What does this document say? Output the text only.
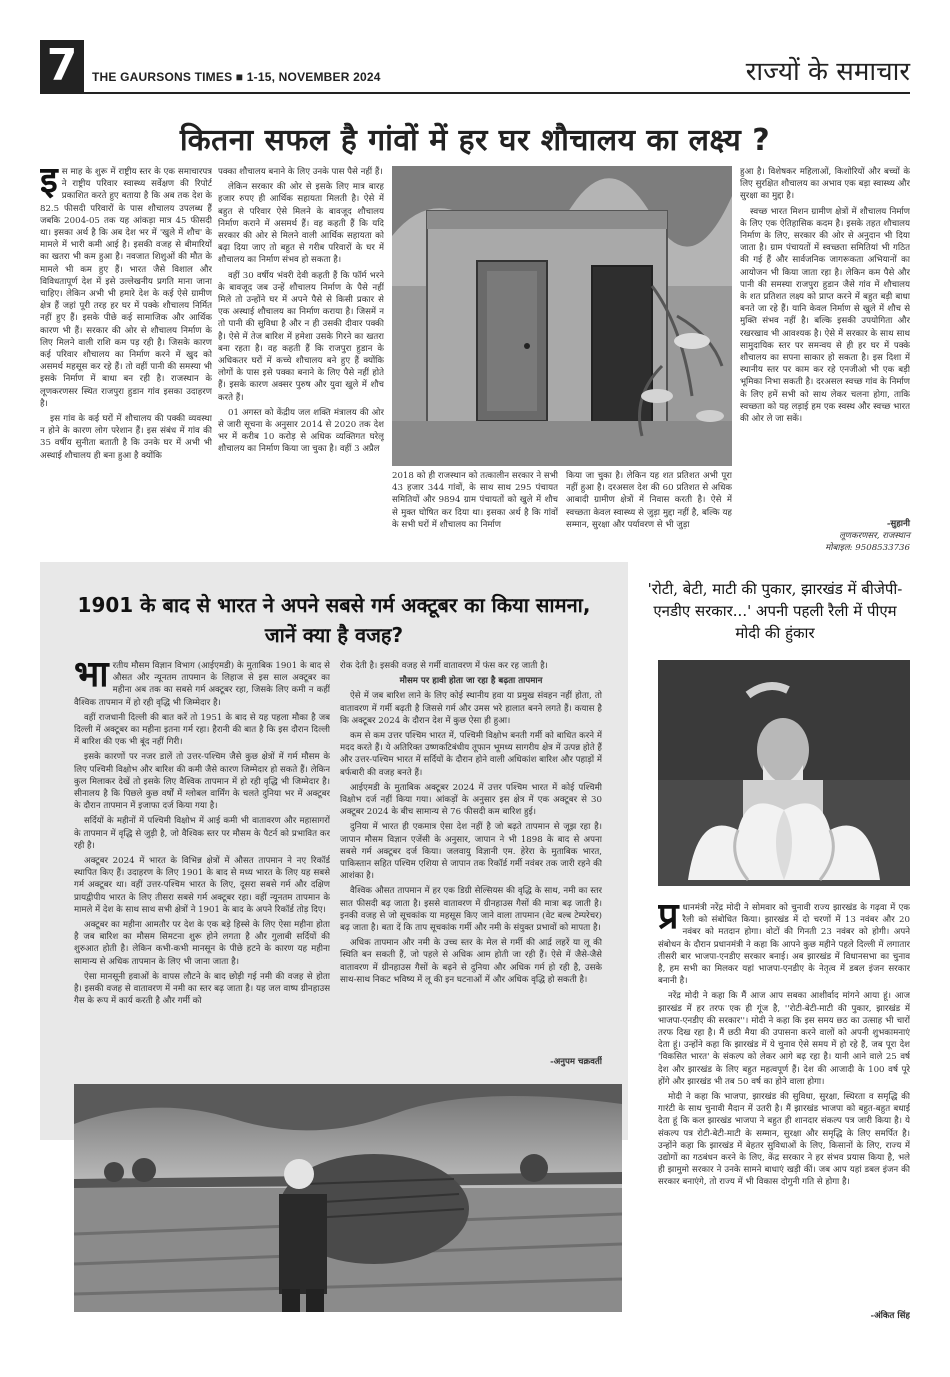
7	THE GAURSONS TIMES ■ 1-15, NOVEMBER 2024	राज्यों के समाचार
कितना सफल है गांवों में हर घर शौचालय का लक्ष्य ?
इ स माह के शुरू में राष्ट्रीय स्तर के एक समाचारपत्र ने राष्ट्रीय परिवार स्वास्थ्य सर्वेक्षण की रिपोर्ट प्रकाशित करते हुए बताया है कि अब तक देश के 82.5 फीसदी परिवारों के पास शौचालय उपलब्ध हैं जबकि 2004-05 तक यह आंकड़ा मात्र 45 फीसदी था। इसका अर्थ है कि अब देश भर में 'खुले में शौच' के मामले में भारी कमी आई है। इसकी वजह से बीमारियों का खतरा भी कम हुआ है। नवजात शिशुओं की मौत के मामले भी कम हुए हैं। भारत जैसे विशाल और विविधतापूर्ण देश में इसे उल्लेखनीय प्रगति माना जाना चाहिए। लेकिन अभी भी हमारे देश के कई ऐसे ग्रामीण क्षेत्र हैं जहां पूरी तरह हर घर में पक्के शौचालय निर्मित नहीं हुए हैं। इसके पीछे कई सामाजिक और आर्थिक कारण भी हैं। सरकार की ओर से शौचालय निर्माण के लिए मिलने वाली राशि कम पड़ रही है। जिसके कारण कई परिवार शौचालय का निर्माण करने में खुद को असमर्थ महसूस कर रहे हैं। तो वहीं पानी की समस्या भी इसके निर्माण में बाधा बन रही है। राजस्थान के लूणकरणसर स्थित राजपुरा हुडान गांव इसका उदाहरण है।

इस गांव के कई घरों में शौचालय की पक्की व्यवस्था न होने के कारण लोग परेशान हैं। इस संबंध में गांव की 35 वर्षीय सुनीता बताती है कि उनके घर में अभी भी अस्थाई शौचालय ही बना हुआ है क्योंकि

पक्का शौचालय बनाने के लिए उनके पास पैसे नहीं हैं।

लेकिन सरकार की ओर से इसके लिए मात्र बारह हजार रुपए ही आर्थिक सहायता मिलती है। ऐसे में बहुत से परिवार ऐसे मिलने के बावजूद शौचालय निर्माण कराने में असमर्थ हैं। वह कहती हैं कि यदि सरकार की ओर से मिलने वाली आर्थिक सहायता को बढ़ा दिया जाए तो बहुत से गरीब परिवारों के घर में शौचालय का निर्माण संभव हो सकता है।

वहीं 30 वर्षीय भंवरी देवी कहती हैं कि फॉर्म भरने के बावजूद जब उन्हें शौचालय निर्माण के पैसे नहीं मिले तो उन्होंने घर में अपने पैसे से किसी प्रकार से एक अस्थाई शौचालय का निर्माण कराया है। जिसमें न तो पानी की सुविधा है और न ही उसकी दीवार पक्की है। ऐसे में तेज बारिश में हमेशा उसके गिरने का खतरा बना रहता है। वह कहती हैं कि राजपुरा हुडान के अधिकतर घरों में कच्चे शौचालय बने हुए हैं क्योंकि लोगों के पास इसे पक्का बनाने के लिए पैसे नहीं होते हैं। इसके कारण अक्सर पुरुष और युवा खुले में शौच करते हैं।

01 अगस्त को केंद्रीय जल शक्ति मंत्रालय की ओर से जारी सूचना के अनुसार 2014 से 2020 तक देश भर में करीब 10 करोड़ से अधिक व्यक्तिगत घरेलू शौचालय का निर्माण किया जा चुका है। वहीं 3 अप्रैल

2018 को ही राजस्थान को तत्कालीन सरकार ने सभी 43 हजार 344 गांवों, के साथ साथ 295 पंचायत समितियों और 9894 ग्राम पंचायतों को खुले में शौच से मुक्त घोषित कर दिया था। इसका अर्थ है कि गांवों के सभी घरों में शौचालय का निर्माण

किया जा चुका है। लेकिन यह शत प्रतिशत अभी पूरा नहीं हुआ है। दरअसल देश की 60 प्रतिशत से अधिक आबादी ग्रामीण क्षेत्रों में निवास करती है। ऐसे में स्वच्छता केवल स्वास्थ्य से जुड़ा मुद्दा नहीं है, बल्कि यह सम्मान, सुरक्षा और पर्यावरण से भी जुड़ा

हुआ है। विशेषकर महिलाओं, किशोरियों और बच्चों के लिए सुरक्षित शौचालय का अभाव एक बड़ा स्वास्थ्य और सुरक्षा का मुद्दा है।

स्वच्छ भारत मिशन ग्रामीण क्षेत्रों में शौचालय निर्माण के लिए एक ऐतिहासिक कदम है। इसके तहत शौचालय निर्माण के लिए, सरकार की ओर से अनुदान भी दिया जाता है। ग्राम पंचायतों में स्वच्छता समितियां भी गठित की गई हैं और सार्वजनिक जागरूकता अभियानों का आयोजन भी किया जाता रहा है। लेकिन कम पैसे और पानी की समस्या राजपुरा हुडान जैसे गांव में शौचालय के शत प्रतिशत लक्ष्य को प्राप्त करने में बहुत बड़ी बाधा बनते जा रहे हैं। यानि केवल निर्माण से खुले में शौच से मुक्ति संभव नहीं है। बल्कि इसकी उपयोगिता और रखरखाव भी आवश्यक है। ऐसे में सरकार के साथ साथ सामुदायिक स्तर पर समन्वय से ही हर घर में पक्के शौचालय का सपना साकार हो सकता है। इस दिशा में स्थानीय स्तर पर काम कर रहे एनजीओ भी एक बड़ी भूमिका निभा सकती है। दरअसल स्वच्छ गांव के निर्माण के लिए हमें सभी को साथ लेकर चलना होगा, ताकि स्वच्छता को यह लड़ाई हम एक स्वस्थ और स्वच्छ भारत की ओर ले जा सकें।

-सुहानी
लूणकरणसर, राजस्थान
मोबाइल: 9508533736
1901 के बाद से भारत ने अपने सबसे गर्म अक्टूबर का किया सामना, जानें क्या है वजह?
भा रतीय मौसम विज्ञान विभाग (आईएमडी) के मुताबिक 1901 के बाद से औसत और न्यूनतम तापमान के लिहाज से इस साल अक्टूबर का महीना अब तक का सबसे गर्म अक्टूबर रहा, जिसके लिए कमी न कहीं वैश्विक तापमान में हो रही वृद्धि भी जिम्मेदार है।

वहीं राजधानी दिल्ली की बात करें तो 1951 के बाद से यह पहला मौका है जब दिल्ली में अक्टूबर का महीना इतना गर्म रहा। हैरानी की बात है कि इस दौरान दिल्ली में बारिश की एक भी बूंद नहीं गिरी।

इसके कारणों पर नजर डालें तो उत्तर-पश्चिम जैसे कुछ क्षेत्रों में गर्म मौसम के लिए पश्चिमी विक्षोभ और बारिश की कमी जैसे कारण जिम्मेदार हो सकते हैं। लेकिन कुल मिलाकर देखें तो इसके लिए वैश्विक तापमान में हो रही वृद्धि भी जिम्मेदार है। सीनालय है कि पिछले कुछ वर्षों में ग्लोबल वार्मिंग के चलते दुनिया भर में अक्टूबर के दौरान तापमान में इजाफा दर्ज किया गया है।

सर्दियों के महीनों में पश्चिमी विक्षोभ में आई कमी भी वातावरण और महासागरों के तापमान में वृद्धि से जुड़ी है, जो वैश्विक स्तर पर मौसम के पैटर्न को प्रभावित कर रही है।

अक्टूबर 2024 में भारत के विभिन्न क्षेत्रों में औसत तापमान ने नए रिकॉर्ड स्थापित किए हैं। उदाहरण के लिए 1901 के बाद से मध्य भारत के लिए यह सबसे गर्म अक्टूबर था। वहीं उत्तर-पश्चिम भारत के लिए, दूसरा सबसे गर्म और दक्षिण प्रायद्वीपीय भारत के लिए तीसरा सबसे गर्म अक्टूबर रहा। वहीं न्यूनतम तापमान के मामले में देश के साथ साथ सभी क्षेत्रों ने 1901 के बाद के अपने रिकॉर्ड तोड़ दिए।

अक्टूबर का महीना आमतौर पर देश के एक बड़े हिस्से के लिए ऐसा महीना होता है जब बारिश का मौसम सिमटना शुरू होने लगता है और गुलाबी सर्दियों की शुरुआत होती है। लेकिन कभी-कभी मानसून के पीछे हटने के कारण यह महीना सामान्य से अधिक तापमान के लिए भी जाना जाता है।

ऐसा मानसूनी हवाओं के वापस लौटने के बाद छोड़ी गई नमी की वजह से होता है। इसकी वजह से वातावरण में नमी का स्तर बढ़ जाता है। यह जल वाष्प ग्रीनहाउस गैस के रूप में कार्य करती है और गर्मी को

रोक देती है। इसकी वजह से गर्मी वातावरण में फंस कर रह जाती है।

मौसम पर हावी होता जा रहा है बढ़ता तापमान

ऐसे में जब बारिश लाने के लिए कोई स्थानीय हवा या प्रमुख संवहन नहीं होता, तो वातावरण में गर्मी बढ़ती है जिससे गर्म और उमस भरे हालात बनने लगते हैं। कयास है कि अक्टूबर 2024 के दौरान देश में कुछ ऐसा ही हुआ।

कम से कम उत्तर पश्चिम भारत में, पश्चिमी विक्षोभ बनती गर्मी को बाधित करने में मदद करते हैं। ये अतिरिक्त उष्णकटिबंधीय तूफान भूमध्य सागरीय क्षेत्र में उत्पन्न होते हैं और उत्तर-पश्चिम भारत में सर्दियों के दौरान होने वाली अधिकांश बारिश और पहाड़ों में बर्फबारी की वजह बनते हैं।

आईएमडी के मुताबिक अक्टूबर 2024 में उत्तर पश्चिम भारत में कोई पश्चिमी विक्षोभ दर्ज नहीं किया गया। आंकड़ों के अनुसार इस क्षेत्र में एक अक्टूबर से 30 अक्टूबर 2024 के बीच सामान्य से 76 फीसदी कम बारिश हुई।

दुनिया में भारत ही एकमात्र ऐसा देश नहीं है जो बढ़ते तापमान से जूझ रहा है। जापान मौसम विज्ञान एजेंसी के अनुसार, जापान ने भी 1898 के बाद से अपना सबसे गर्म अक्टूबर दर्ज किया। जलवायु विज्ञानी एम. हेरेरा के मुताबिक भारत, पाकिस्तान सहित पश्चिम एशिया से जापान तक रिकॉर्ड गर्मी नवंबर तक जारी रहने की आशंका है।

वैश्विक औसत तापमान में हर एक डिग्री सेल्सियस की वृद्धि के साथ, नमी का स्तर सात फीसदी बढ़ जाता है। इससे वातावरण में ग्रीनहाउस गैसों की मात्रा बढ़ जाती है। इनकी वजह से जो सूचकांक या महसूस किए जाने वाला तापमान (वेट बल्ब टेम्परेचर) बढ़ जाता है। बता दें कि ताप सूचकांक गर्मी और नमी के संयुक्त प्रभावों को मापता है।

अधिक तापमान और नमी के उच्च स्तर के मेल से गर्मी की आर्द्र लहरें या लू की स्थिति बन सकती हैं, जो पहले से अधिक आम होती जा रही हैं। ऐसे में जैसे-जैसे वातावरण में ग्रीनहाउस गैसों के बढ़ने से दुनिया और अधिक गर्म हो रही है, उसके साथ-साथ निकट भविष्य में लू की इन घटनाओं में और अधिक वृद्धि हो सकती है।

-अनुपम चक्रवर्ती
'रोटी, बेटी, माटी की पुकार, झारखंड में बीजेपी-एनडीए सरकार...' अपनी पहली रैली में पीएम मोदी की हुंकार
प्र धानमंत्री नरेंद्र मोदी ने सोमवार को चुनावी राज्य झारखंड के गढ़वा में एक रैली को संबोधित किया। झारखंड में दो चरणों में 13 नवंबर और 20 नवंबर को मतदान होगा। वोटों की गिनती 23 नवंबर को होगी। अपने संबोधन के दौरान प्रधानमंत्री ने कहा कि आपने कुछ महीने पहले दिल्ली में लगातार तीसरी बार भाजपा-एनडीए सरकार बनाई। अब झारखंड में विधानसभा का चुनाव है, हम सभी का मिलकर यहां भाजपा-एनडीए के नेतृत्व में डबल इंजन सरकार बनानी है।

नरेंद्र मोदी ने कहा कि मैं आज आप सबका आशीर्वाद मांगने आया हूं। आज झारखंड में हर तरफ एक ही गूंज है, ''रोटी-बेटी-माटी की पुकार, झारखंड में भाजपा-एनडीए की सरकार''। मोदी ने कहा कि इस समय छठ का उत्साह भी चारों तरफ दिख रहा है। मैं छठी मैया की उपासना करने वालों को अपनी शुभकामनाएं देता हूं। उन्होंने कहा कि झारखंड में ये चुनाव ऐसे समय में हो रहे हैं, जब पूरा देश 'विकसित भारत' के संकल्प को लेकर आगे बढ़ रहा है। यानी आने वाले 25 वर्ष देश और झारखंड के लिए बहुत महत्वपूर्ण हैं। देश की आजादी के 100 वर्ष पूरे होंगे और झारखंड भी तब 50 वर्ष का होने वाला होगा।

मोदी ने कहा कि भाजपा, झारखंड की सुविधा, सुरक्षा, स्थिरता व समृद्धि की गारंटी के साथ चुनावी मैदान में उतरी है। मैं झारखंड भाजपा को बहुत-बहुत बधाई देता हूं कि कल झारखंड भाजपा ने बहुत ही शानदार संकल्प पत्र जारी किया है। ये संकल्प पत्र रोटी-बेटी-माटी के सम्मान, सुरक्षा और समृद्धि के लिए समर्पित है। उन्होंने कहा कि झारखंड में बेहतर सुविधाओं के लिए, किसानों के लिए, राज्य में उद्योगों का गठबंधन करने के लिए, केंद्र सरकार ने हर संभव प्रयास किया है, भले ही झामुमो सरकार ने उनके सामने बाधाएं खड़ी कीं। जब आप यहां डबल इंजन की सरकार बनाएंगे, तो राज्य में भी विकास दोगुनी गति से होगा है।

-अंकित सिंह
